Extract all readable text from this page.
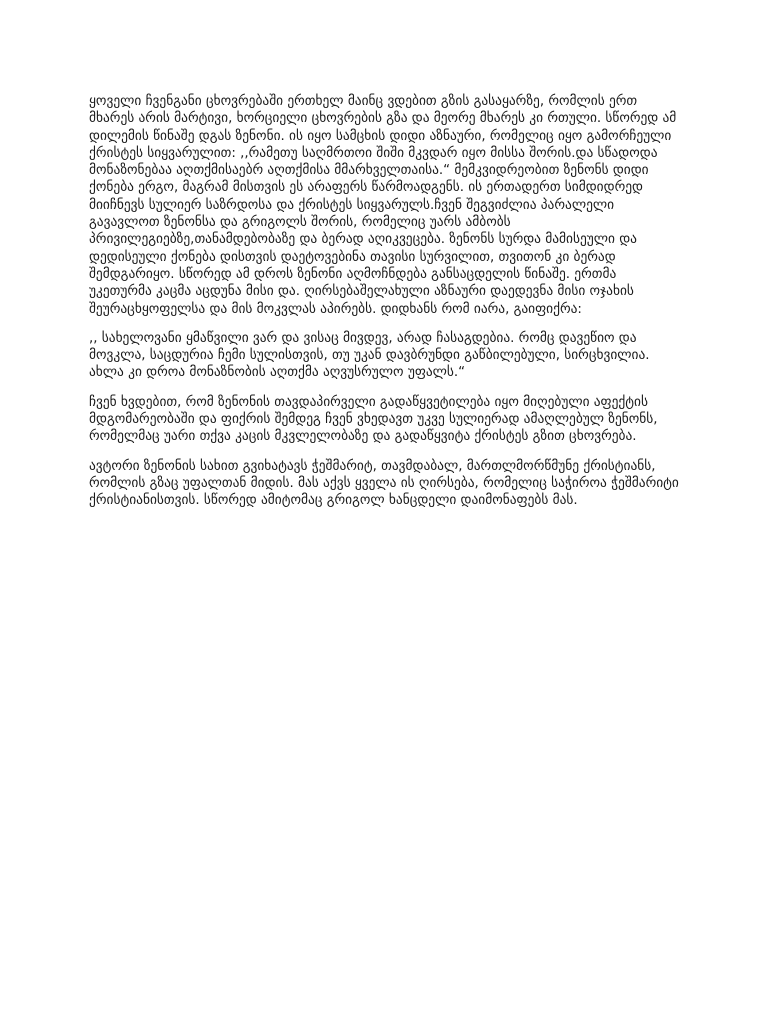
ყოველი ჩვენგანი ცხოვრებაში ერთხელ მაინც ვდებით გზის გასაყარზე, რომლის ერთ მხარეს არის მარტივი, ხორციელი ცხოვრების გზა და მეორე მხარეს კი რთული. სწორედ ამ დილემის წინაშე დგას ზენონი. ის იყო სამცხის დიდი აზნაური, რომელიც იყო გამორჩეული ქრისტეს სიყვარულით: ,,რამეთუ საღმრთოი შიში მკვდარ იყო მისსა შორის.და სწადოდა მონაზონებაა აღთქმისაებრ აღთქმისა მმარხველთაისა.“ მემკვიდრეობით ზენონს დიდი ქონება ერგო, მაგრამ მისთვის ეს არაფერს წარმოადგენს. ის ერთადერთ სიმდიდრედ მიიჩნევს სულიერ საზრდოსა და ქრისტეს სიყვარულს.ჩვენ შეგვიძლია პარალელი გავავლოთ ზენონსა და გრიგოლს შორის, რომელიც უარს ამბობს პრივილეგიებზე,თანამდებობაზე და ბერად აღიკვეცება. ზენონს სურდა მამისეული და დედისეული ქონება დისთვის დაეტოვებინა თავისი სურვილით, თვითონ კი ბერად შემდგარიყო. სწორედ ამ დროს ზენონი აღმოჩნდება განსაცდელის წინაშე. ერთმა უკეთურმა კაცმა აცდუნა მისი და. ღირსებაშელახული აზნაური დაედევნა მისი ოჯახის შეურაცხყოფელსა და მის მოკვლას აპირებს. დიდხანს რომ იარა, გაიფიქრა:

,, სახელოვანი ყმაწვილი ვარ და ვისაც მივდევ, არად ჩასაგდებია. რომც დავეწიო და მოვკლა, საცდურია ჩემი სულისთვის, თუ უკან დავბრუნდი გაწბილებული, სირცხვილია. ახლა კი დროა მონაზნობის აღთქმა აღვუსრულო უფალს.“

ჩვენ ხვდებით, რომ ზენონის თავდაპირველი გადაწყვეტილება იყო მიღებული აფექტის მდგომარეობაში და ფიქრის შემდეგ ჩვენ ვხედავთ უკვე სულიერად ამაღლებულ ზენონს, რომელმაც უარი თქვა კაცის მკვლელობაზე და გადაწყვიტა ქრისტეს გზით ცხოვრება.

ავტორი ზენონის სახით გვიხატავს ჭეშმარიტ, თავმდაბალ, მართლმორწმუნე ქრისტიანს, რომლის გზაც უფალთან მიდის. მას აქვს ყველა ის ღირსება, რომელიც საჭიროა ჭეშმარიტი ქრისტიანისთვის. სწორედ ამიტომაც გრიგოლ ხანცდელი დაიმონაფებს მას.
